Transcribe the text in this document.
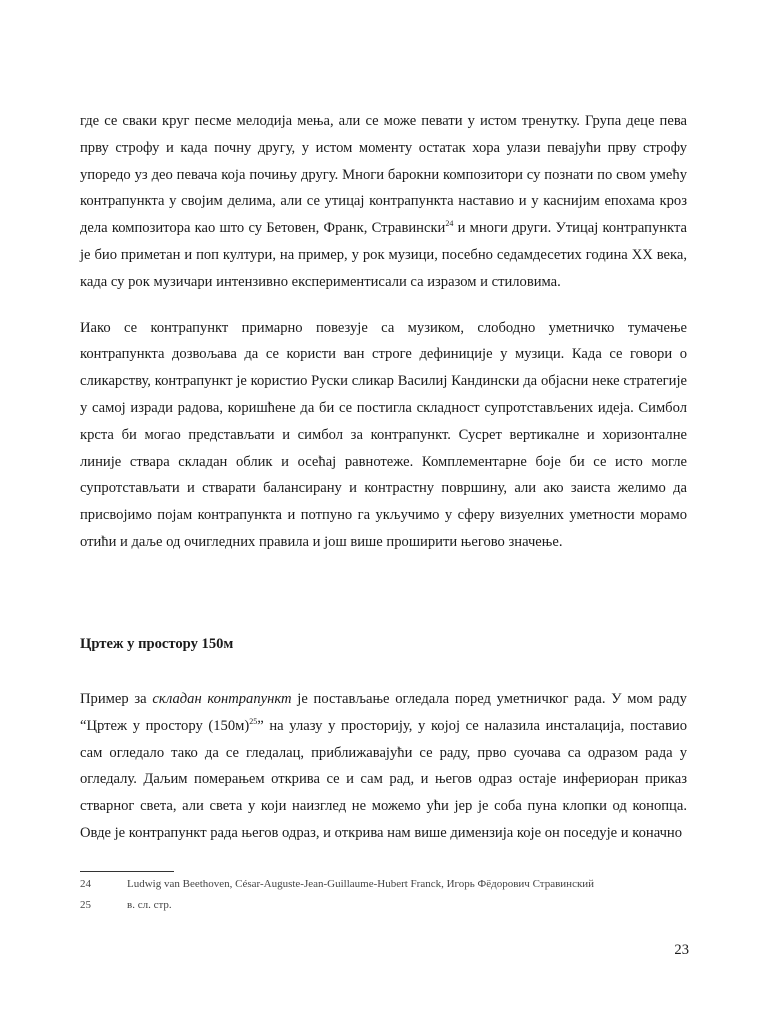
где се сваки круг песме мелодија мења, али се може певати у истом тренутку. Група деце пева прву строфу и када почну другу, у истом моменту остатак хора улази певајући прву строфу упоредо уз део певача која почињу другу. Многи барокни композитори су познати по свом умећу контрапункта у својим делима, али се утицај контрапункта наставио и у каснијим епохама кроз дела композитора као што су Бетовен, Франк, Стравински$^{24}$ и многи други. Утицај контрапункта је био приметан и поп култури, на пример, у рок музици, посебно седамдесетих година XX века, када су рок музичари интензивно експериментисали са изразом и стиловима.

Иако се контрапункт примарно повезује са музиком, слободно уметничко тумачење контрапункта дозвољава да се користи ван строге дефиниције у музици. Када се говори о сликарству, контрапункт је користио Руски сликар Василиј Кандински да објасни неке стратегије у самој изради радова, коришћене да би се постигла складност супротстављених идеја. Симбол крста би могао представљати и симбол за контрапункт. Сусрет вертикалне и хоризонталне линије ствара складан облик и осећај равнотеже. Комплементарне боје би се исто могле супротстављати и стварати балансирану и контрастну површину, али ако заиста желимо да присвојимо појам контрапункта и потпуно га укључимо у сферу визуелних уметности морамо отићи и даље од очигледних правила и још више проширити његово значење.

Цртеж у простору 150м

Пример за складан контрапункт је постављање огледала поред уметничког рада. У мом раду “Цртеж у простору $(150м)^{25}$” на улазу у просторију, у којој се налазила инсталација, поставио сам огледало тако да се гледалац, приближавајући се раду, прво суочава са одразом рада у огледалу. Даљим померањем открива се и сам рад, и његов одраз остаје инфериоран приказ стварног света, али света у који наизглед не можемо ући јер је соба пуна клопки од конопца. Овде је контрапункт рада његов одраз, и открива нам више димензија које он поседује и коначно

24	Ludwig van Beethoven, César-Auguste-Jean-Guillaume-Hubert Franck, Игорь Фёдорович Стравинский
25	в. сл. стр.
23
